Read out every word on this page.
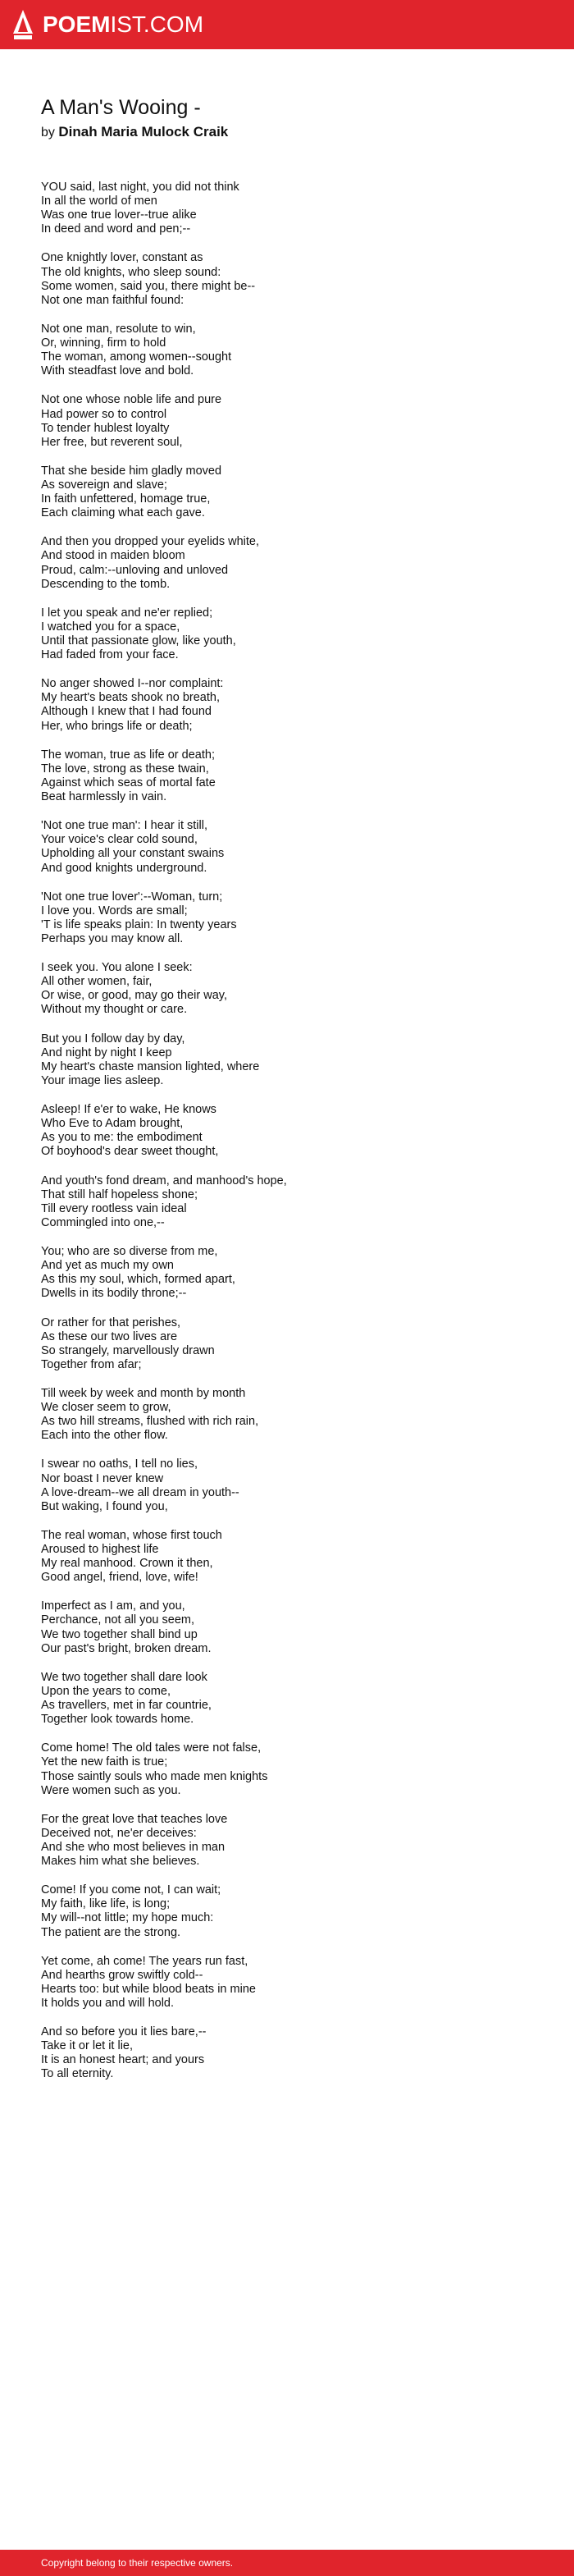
POEMIST.COM
A Man's Wooing -

by Dinah Maria Mulock Craik

YOU said, last night, you did not think
In all the world of men
Was one true lover--true alike
In deed and word and pen;--
One knightly lover, constant as
The old knights, who sleep sound:
Some women, said you, there might be--
Not one man faithful found:
Not one man, resolute to win,
Or, winning, firm to hold
The woman, among women--sought
With steadfast love and bold.
Not one whose noble life and pure
Had power so to control
To tender hublest loyalty
Her free, but reverent soul,
That she beside him gladly moved
As sovereign and slave;
In faith unfettered, homage true,
Each claiming what each gave.
And then you dropped your eyelids white,
And stood in maiden bloom
Proud, calm:--unloving and unloved
Descending to the tomb.
I let you speak and ne'er replied;
I watched you for a space,
Until that passionate glow, like youth,
Had faded from your face.
No anger showed I--nor complaint:
My heart's beats shook no breath,
Although I knew that I had found
Her, who brings life or death;
The woman, true as life or death;
The love, strong as these twain,
Against which seas of mortal fate
Beat harmlessly in vain.
'Not one true man': I hear it still,
Your voice's clear cold sound,
Upholding all your constant swains
And good knights underground.
'Not one true lover':--Woman, turn;
I love you. Words are small;
'T is life speaks plain: In twenty years
Perhaps you may know all.
I seek you. You alone I seek:
All other women, fair,
Or wise, or good, may go their way,
Without my thought or care.
But you I follow day by day,
And night by night I keep
My heart's chaste mansion lighted, where
Your image lies asleep.
Asleep! If e'er to wake, He knows
Who Eve to Adam brought,
As you to me: the embodiment
Of boyhood's dear sweet thought,
And youth's fond dream, and manhood's hope,
That still half hopeless shone;
Till every rootless vain ideal
Commingled into one,--
You; who are so diverse from me,
And yet as much my own
As this my soul, which, formed apart,
Dwells in its bodily throne;--
Or rather for that perishes,
As these our two lives are
So strangely, marvellously drawn
Together from afar;
Till week by week and month by month
We closer seem to grow,
As two hill streams, flushed with rich rain,
Each into the other flow.
I swear no oaths, I tell no lies,
Nor boast I never knew
A love-dream--we all dream in youth--
But waking, I found you,
The real woman, whose first touch
Aroused to highest life
My real manhood. Crown it then,
Good angel, friend, love, wife!
Imperfect as I am, and you,
Perchance, not all you seem,
We two together shall bind up
Our past's bright, broken dream.
We two together shall dare look
Upon the years to come,
As travellers, met in far countrie,
Together look towards home.
Come home! The old tales were not false,
Yet the new faith is true;
Those saintly souls who made men knights
Were women such as you.
For the great love that teaches love
Deceived not, ne'er deceives:
And she who most believes in man
Makes him what she believes.
Come! If you come not, I can wait;
My faith, like life, is long;
My will--not little; my hope much:
The patient are the strong.
Yet come, ah come! The years run fast,
And hearths grow swiftly cold--
Hearts too: but while blood beats in mine
It holds you and will hold.
And so before you it lies bare,--
Take it or let it lie,
It is an honest heart; and yours
To all eternity.
Copyright belong to their respective owners.
